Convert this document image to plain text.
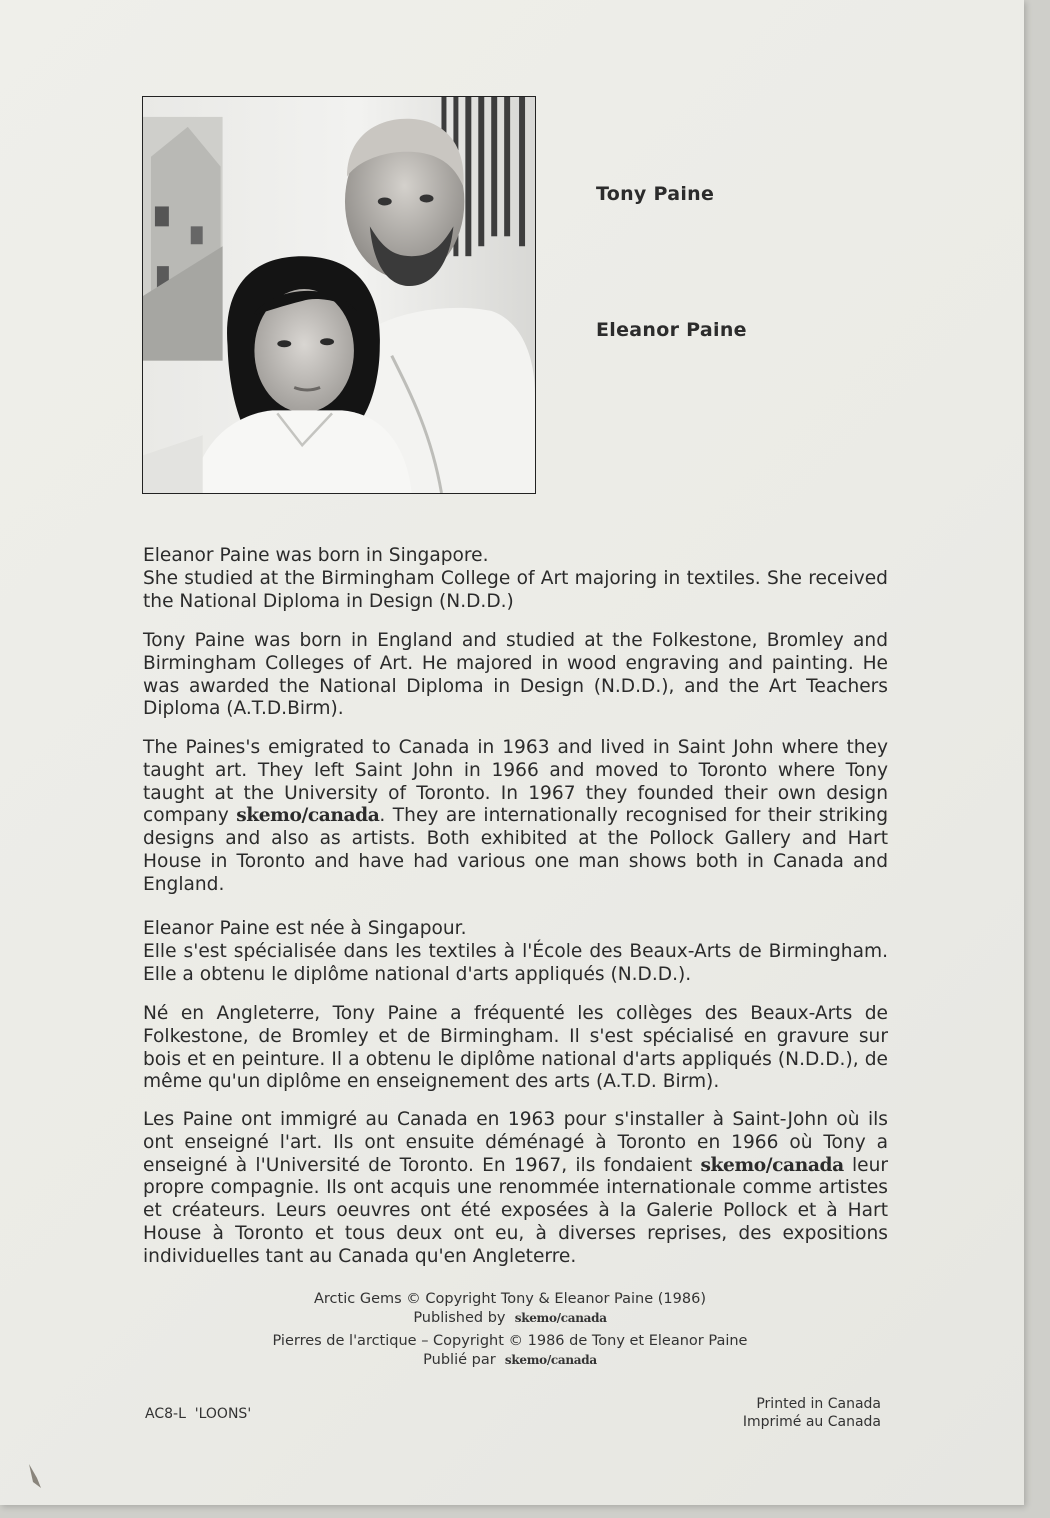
Tony Paine
Eleanor Paine

Eleanor Paine was born in Singapore.

She studied at the Birmingham College of Art majoring in textiles. She received the National Diploma in Design (N.D.D.)

Tony Paine was born in England and studied at the Folkestone, Bromley and Birmingham Colleges of Art. He majored in wood engraving and painting. He was awarded the National Diploma in Design (N.D.D.), and the Art Teachers Diploma (A.T.D.Birm).

The Paines's emigrated to Canada in 1963 and lived in Saint John where they taught art. They left Saint John in 1966 and moved to Toronto where Tony taught at the University of Toronto. In 1967 they founded their own design company skemo/canada. They are internationally recognised for their striking designs and also as artists. Both exhibited at the Pollock Gallery and Hart House in Toronto and have had various one man shows both in Canada and England.

Eleanor Paine est née à Singapour.

Elle s'est spécialisée dans les textiles à l'École des Beaux-Arts de Birmingham. Elle a obtenu le diplôme national d'arts appliqués (N.D.D.).

Né en Angleterre, Tony Paine a fréquenté les collèges des Beaux-Arts de Folkestone, de Bromley et de Birmingham. Il s'est spécialisé en gravure sur bois et en peinture. Il a obtenu le diplôme national d'arts appliqués (N.D.D.), de même qu'un diplôme en enseignement des arts (A.T.D. Birm).

Les Paine ont immigré au Canada en 1963 pour s'installer à Saint-John où ils ont enseigné l'art. Ils ont ensuite déménagé à Toronto en 1966 où Tony a enseigné à l'Université de Toronto. En 1967, ils fondaient skemo/canada leur propre compagnie. Ils ont acquis une renommée internationale comme artistes et créateurs. Leurs oeuvres ont été exposées à la Galerie Pollock et à Hart House à Toronto et tous deux ont eu, à diverses reprises, des expositions individuelles tant au Canada qu'en Angleterre.

Arctic Gems © Copyright Tony & Eleanor Paine (1986)
Published by skemo/canada
Pierres de l'arctique – Copyright © 1986 de Tony et Eleanor Paine
Publié par skemo/canada
AC8-L  'LOONS'
Printed in Canada
Imprimé au Canada
